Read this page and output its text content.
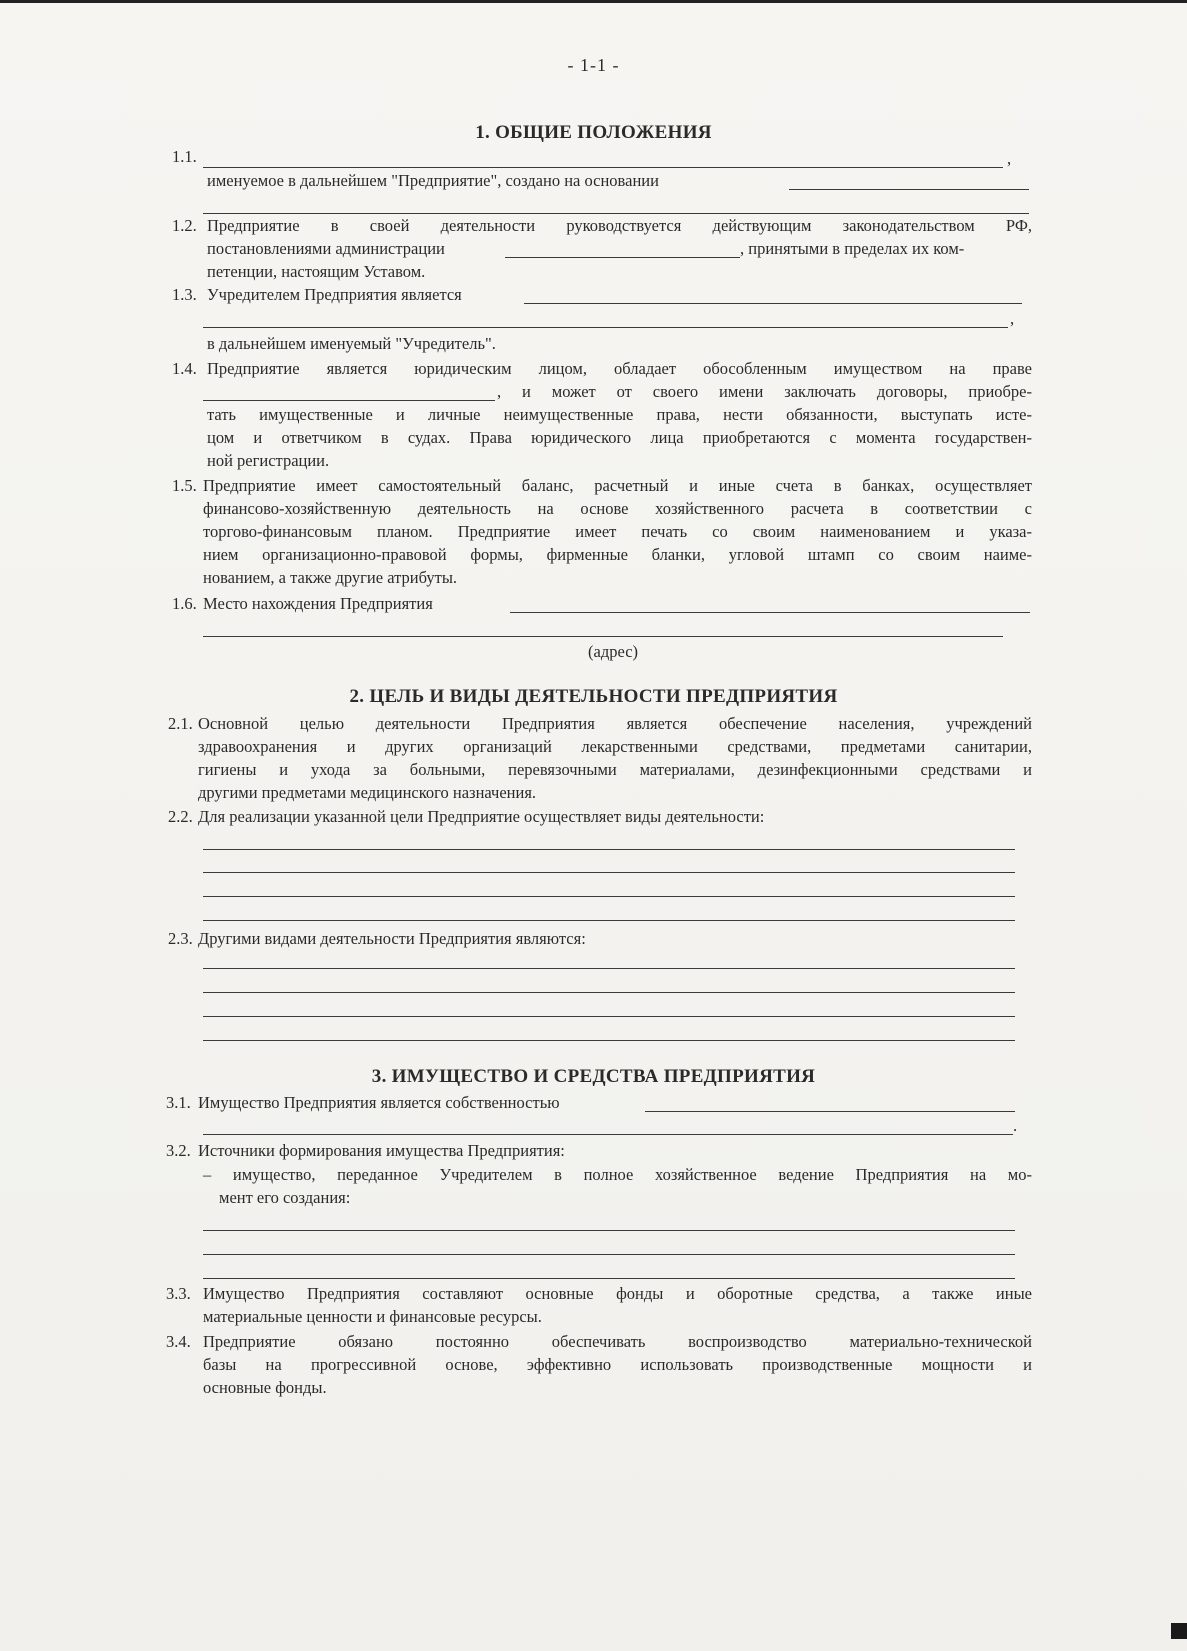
- 1-1 -
1. ОБЩИЕ ПОЛОЖЕНИЯ
1.1.	,
именуемое в дальнейшем "Предприятие", создано на основании
1.2. Предприятие в своей деятельности руководствуется действующим законодательством РФ,
постановлениями администрации	, принятыми в пределах их ком-
петенции, настоящим Уставом.
1.3. Учредителем Предприятия является
,
в дальнейшем именуемый "Учредитель".
1.4. Предприятие является юридическим лицом, обладает обособленным имуществом на праве
, и может от своего имени заключать договоры, приобре-
тать имущественные и личные неимущественные права, нести обязанности, выступать исте-
цом и ответчиком в судах. Права юридического лица приобретаются с момента государствен-
ной регистрации.
1.5. Предприятие имеет самостоятельный баланс, расчетный и иные счета в банках, осуществляет
финансово-хозяйственную деятельность на основе хозяйственного расчета в соответствии с
торгово-финансовым планом. Предприятие имеет печать со своим наименованием и указа-
нием организационно-правовой формы, фирменные бланки, угловой штамп со своим наиме-
нованием, а также другие атрибуты.
1.6. Место нахождения Предприятия
(адрес)
2. ЦЕЛЬ И ВИДЫ ДЕЯТЕЛЬНОСТИ ПРЕДПРИЯТИЯ
2.1. Основной целью деятельности Предприятия является обеспечение населения, учреждений
здравоохранения и других организаций лекарственными средствами, предметами санитарии,
гигиены и ухода за больными, перевязочными материалами, дезинфекционными средствами и
другими предметами медицинского назначения.
2.2. Для реализации указанной цели Предприятие осуществляет виды деятельности:
2.3. Другими видами деятельности Предприятия являются:
3. ИМУЩЕСТВО И СРЕДСТВА ПРЕДПРИЯТИЯ
3.1. Имущество Предприятия является собственностью
.
3.2. Источники формирования имущества Предприятия:
– имущество, переданное Учредителем в полное хозяйственное ведение Предприятия на мо-
мент его создания:
3.3. Имущество Предприятия составляют основные фонды и оборотные средства, а также иные
материальные ценности и финансовые ресурсы.
3.4. Предприятие обязано постоянно обеспечивать воспроизводство материально-технической
базы на прогрессивной основе, эффективно использовать производственные мощности и
основные фонды.
